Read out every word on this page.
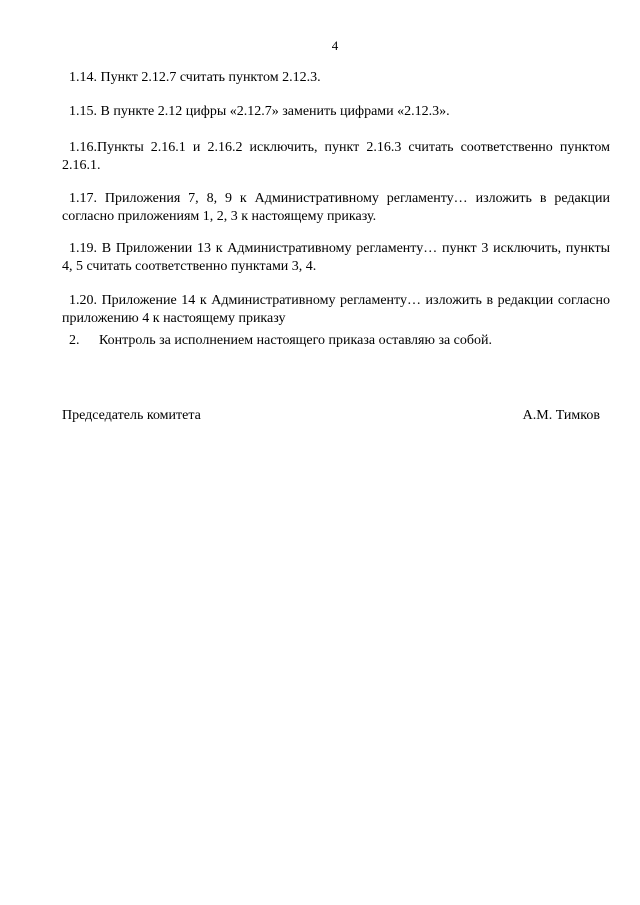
4
1.14. Пункт 2.12.7 считать пунктом 2.12.3.
1.15. В пункте 2.12 цифры «2.12.7» заменить цифрами «2.12.3».
1.16.Пункты 2.16.1 и 2.16.2 исключить, пункт 2.16.3 считать соответственно пунктом 2.16.1.
1.17. Приложения 7, 8, 9 к Административному регламенту… изложить в редакции согласно приложениям 1, 2, 3 к настоящему приказу.
1.19. В Приложении 13 к Административному регламенту… пункт 3 исключить, пункты 4, 5 считать соответственно пунктами 3, 4.
1.20. Приложение 14 к Административному регламенту… изложить в редакции согласно приложению 4 к настоящему приказу
2. Контроль за исполнением настоящего приказа оставляю за собой.
Председатель комитета	А.М. Тимков
